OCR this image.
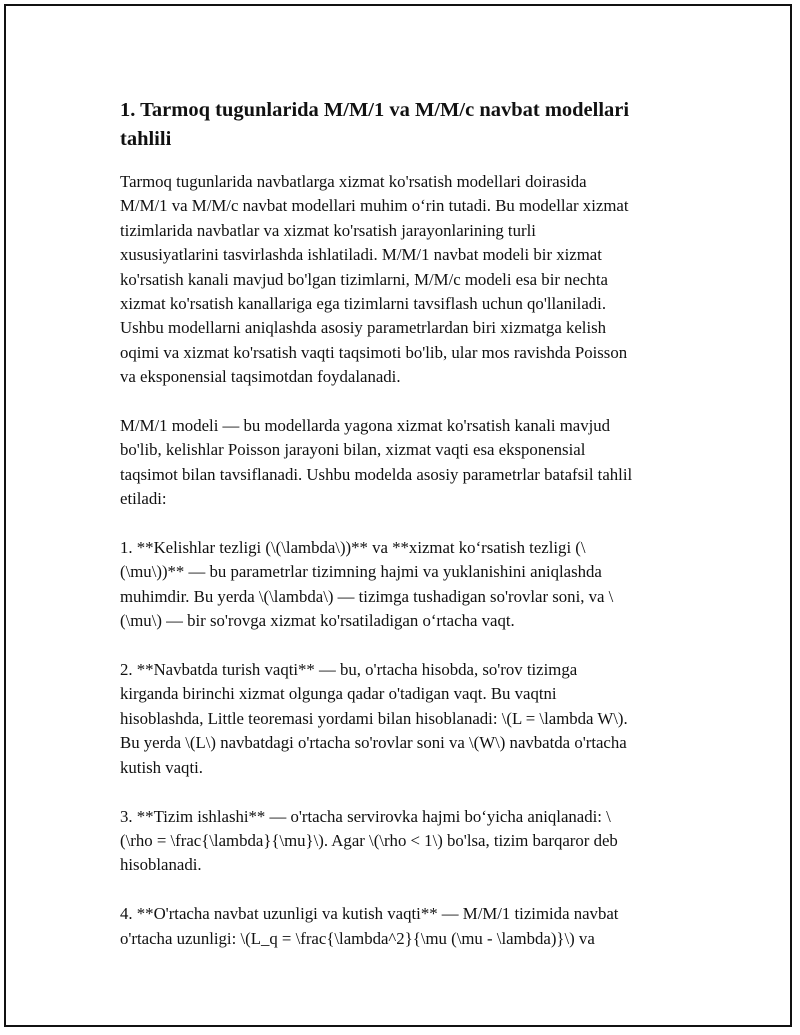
1. Tarmoq tugunlarida M/M/1 va M/M/c navbat modellari
tahlili

Tarmoq tugunlarida navbatlarga xizmat ko'rsatish modellari doirasida
M/M/1 va M/M/c navbat modellari muhim o‘rin tutadi. Bu modellar xizmat
tizimlarida navbatlar va xizmat ko'rsatish jarayonlarining turli
xususiyatlarini tasvirlashda ishlatiladi. M/M/1 navbat modeli bir xizmat
ko'rsatish kanali mavjud bo'lgan tizimlarni, M/M/c modeli esa bir nechta
xizmat ko'rsatish kanallariga ega tizimlarni tavsiflash uchun qo'llaniladi.
Ushbu modellarni aniqlashda asosiy parametrlardan biri xizmatga kelish
oqimi va xizmat ko'rsatish vaqti taqsimoti bo'lib, ular mos ravishda Poisson
va eksponensial taqsimotdan foydalanadi.

M/M/1 modeli — bu modellarda yagona xizmat ko'rsatish kanali mavjud
bo'lib, kelishlar Poisson jarayoni bilan, xizmat vaqti esa eksponensial
taqsimot bilan tavsiflanadi. Ushbu modelda asosiy parametrlar batafsil tahlil
etiladi:

1. **Kelishlar tezligi (\(\lambda\))** va **xizmat ko‘rsatish tezligi (\
(\mu\))** — bu parametrlar tizimning hajmi va yuklanishini aniqlashda
muhimdir. Bu yerda \(\lambda\) — tizimga tushadigan so'rovlar soni, va \
(\mu\) — bir so'rovga xizmat ko'rsatiladigan o‘rtacha vaqt.

2. **Navbatda turish vaqti** — bu, o'rtacha hisobda, so'rov tizimga
kirganda birinchi xizmat olgunga qadar o'tadigan vaqt. Bu vaqtni
hisoblashda, Little teoremasi yordami bilan hisoblanadi: \(L = \lambda W\).
Bu yerda \(L\) navbatdagi o'rtacha so'rovlar soni va \(W\) navbatda o'rtacha
kutish vaqti.

3. **Tizim ishlashi** — o'rtacha servirovka hajmi bo‘yicha aniqlanadi: \
(\rho = \frac{\lambda}{\mu}\). Agar \(\rho < 1\) bo'lsa, tizim barqaror deb
hisoblanadi.

4. **O'rtacha navbat uzunligi va kutish vaqti** — M/M/1 tizimida navbat
o'rtacha uzunligi: \(L_q = \frac{\lambda^2}{\mu (\mu - \lambda)}\) va
